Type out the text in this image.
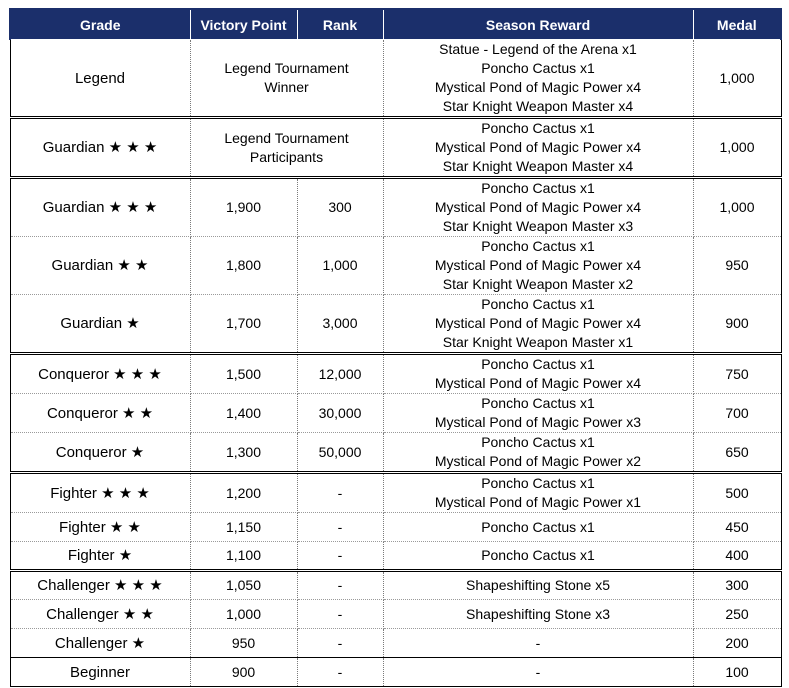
Grade	Victory Point	Rank	Season Reward	Medal
Legend	Legend Tournament Winner		Statue - Legend of the Arena x1
Poncho Cactus x1
Mystical Pond of Magic Power x4
Star Knight Weapon Master x4	1,000
Guardian ★ ★ ★	Legend Tournament Participants		Poncho Cactus x1
Mystical Pond of Magic Power x4
Star Knight Weapon Master x4	1,000
Guardian ★ ★ ★	1,900	300	Poncho Cactus x1
Mystical Pond of Magic Power x4
Star Knight Weapon Master x3	1,000
Guardian ★ ★	1,800	1,000	Poncho Cactus x1
Mystical Pond of Magic Power x4
Star Knight Weapon Master x2	950
Guardian ★	1,700	3,000	Poncho Cactus x1
Mystical Pond of Magic Power x4
Star Knight Weapon Master x1	900
Conqueror ★ ★ ★	1,500	12,000	Poncho Cactus x1
Mystical Pond of Magic Power x4	750
Conqueror ★ ★	1,400	30,000	Poncho Cactus x1
Mystical Pond of Magic Power x3	700
Conqueror ★	1,300	50,000	Poncho Cactus x1
Mystical Pond of Magic Power x2	650
Fighter ★ ★ ★	1,200	-	Poncho Cactus x1
Mystical Pond of Magic Power x1	500
Fighter ★ ★	1,150	-	Poncho Cactus x1	450
Fighter ★	1,100	-	Poncho Cactus x1	400
Challenger ★ ★ ★	1,050	-	Shapeshifting Stone x5	300
Challenger ★ ★	1,000	-	Shapeshifting Stone x3	250
Challenger ★	950	-	-	200
Beginner	900	-	-	100
